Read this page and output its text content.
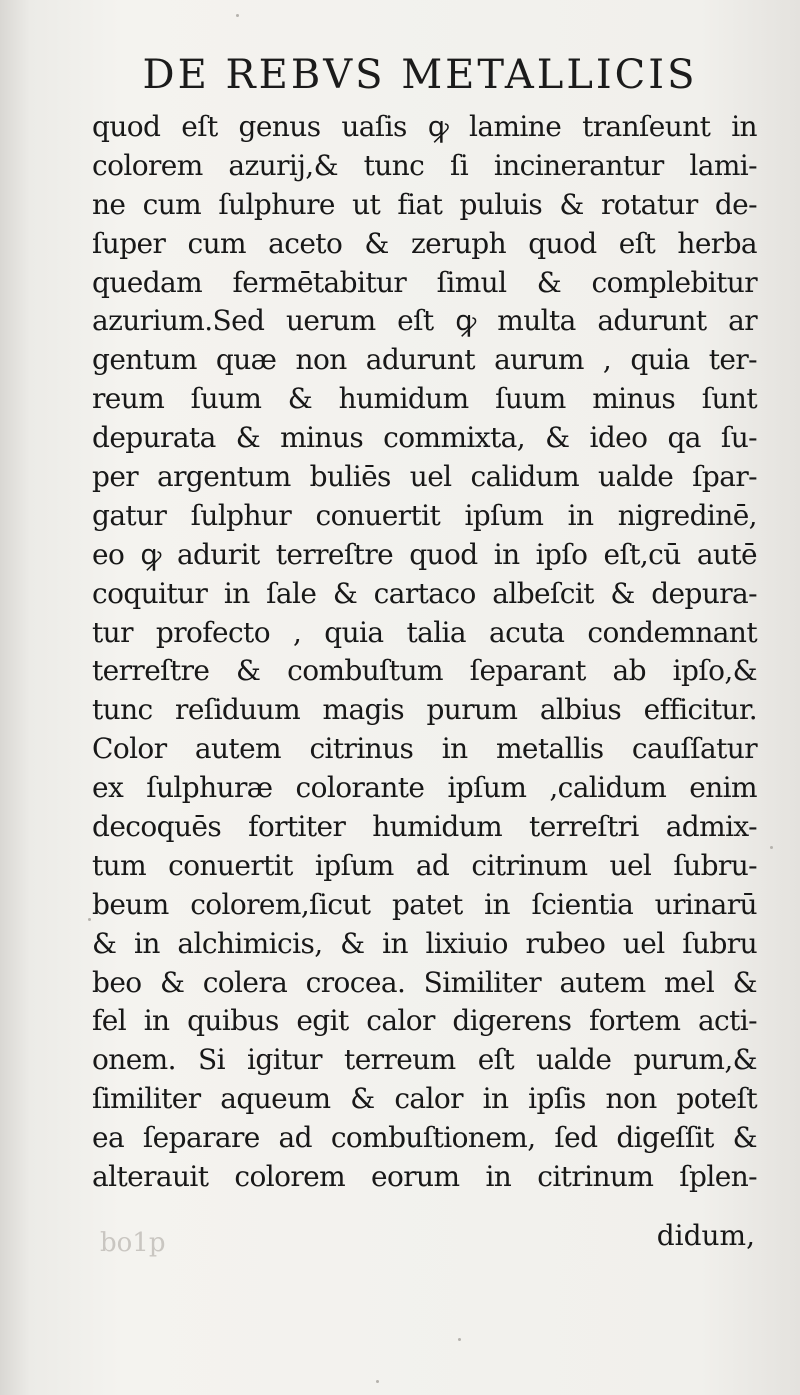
DE REBVS METALLICIS
quod eſt genus uaſis ꝙ lamine tranſeunt in
colorem azurij,& tunc ſi incinerantur lami-
ne cum ſulphure ut fiat puluis & rotatur de-
ſuper cum aceto & zeruph quod eſt herba
quedam fermētabitur ſimul & complebitur
azurium.Sed uerum eſt ꝙ multa adurunt ar
gentum quæ non adurunt aurum , quia ter-
reum ſuum & humidum ſuum minus ſunt
depurata & minus commixta, & ideo qa ſu-
per argentum buliēs uel calidum ualde ſpar-
gatur ſulphur conuertit ipſum in nigredinē,
eo ꝙ adurit terreſtre quod in ipſo eſt,cū autē
coquitur in ſale & cartaco albeſcit & depura-
tur profecto , quia talia acuta condemnant
terreſtre & combuſtum ſeparant ab ipſo,&
tunc reſiduum magis purum albius efficitur.
Color autem citrinus in metallis cauſſatur
ex ſulphuræ colorante ipſum ,calidum enim
decoquēs fortiter humidum terreſtri admix-
tum conuertit ipſum ad citrinum uel ſubru-
beum colorem,ſicut patet in ſcientia urinarū
& in alchimicis, & in lixiuio rubeo uel ſubru
beo & colera crocea. Similiter autem mel &
fel in quibus egit calor digerens fortem acti-
onem. Si igitur terreum eſt ualde purum,&
ſimiliter aqueum & calor in ipſis non poteſt
ea ſeparare ad combuſtionem, ſed digeſſit &
alterauit colorem eorum in citrinum ſplen-
bo1p	didum,
